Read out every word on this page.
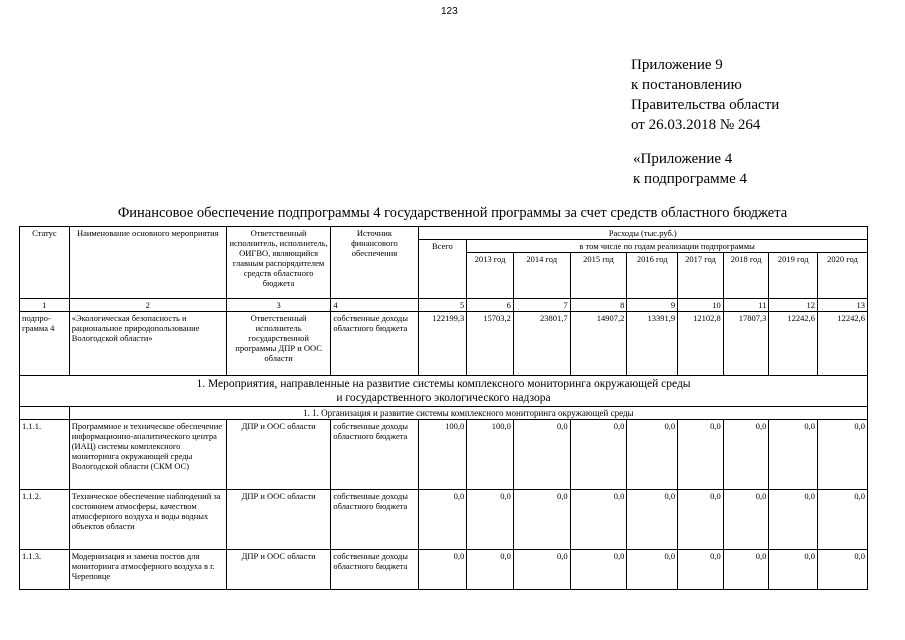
123
Приложение 9
к постановлению
Правительства области
от 26.03.2018 № 264
«Приложение 4
к подпрограмме 4
Финансовое обеспечение подпрограммы 4 государственной программы за счет средств областного бюджета
Статус	Наименование основного мероприятия	Ответственный исполнитель, исполнитель, ОИГВО, являющийся главным распорядителем средств областного бюджета	Источник финансового обеспечения	Расходы (тыс.руб.)								
				Всего	в том числе по годам реализации подпрограммы							
					2013 год	2014 год	2015 год	2016 год	2017 год	2018 год	2019 год	2020 год
1	2	3	4	5	6	7	8	9	10	11	12	13
подпро-грамма 4	«Экологическая безопасность и рациональное природопользование Вологодской области»	Ответственный исполнитель государственной программы ДПР и ООС области	собственные доходы областного бюджета	122199,3	15703,2	23801,7	14907,2	13391,9	12102,8	17807,3	12242,6	12242,6

1. Мероприятия, направленные на развитие системы комплексного мониторинга окружающей среды
и государственного экологического надзора												

	1. 1. Организация и развитие системы комплексного мониторинга окружающей среды											
1.1.1.	Программное и техническое обеспечение информационно-аналитического центра (ИАЦ) системы комплексного мониторинга окружающей среды Вологодской области (СКМ ОС)	ДПР и ООС области	собственные доходы областного бюджета	100,0	100,0	0,0	0,0	0,0	0,0	0,0	0,0	0,0
1.1.2.	Техническое обеспечение наблюдений за состоянием атмосферы, качеством атмосферного воздуха и воды водных объектов области	ДПР и ООС области	собственные доходы областного бюджета	0,0	0,0	0,0	0,0	0,0	0,0	0,0	0,0	0,0
1.1.3.	Модернизация и замена постов для мониторинга атмосферного воздуха в г. Череповце	ДПР и ООС области	собственные доходы областного бюджета	0,0	0,0	0,0	0,0	0,0	0,0	0,0	0,0	0,0
